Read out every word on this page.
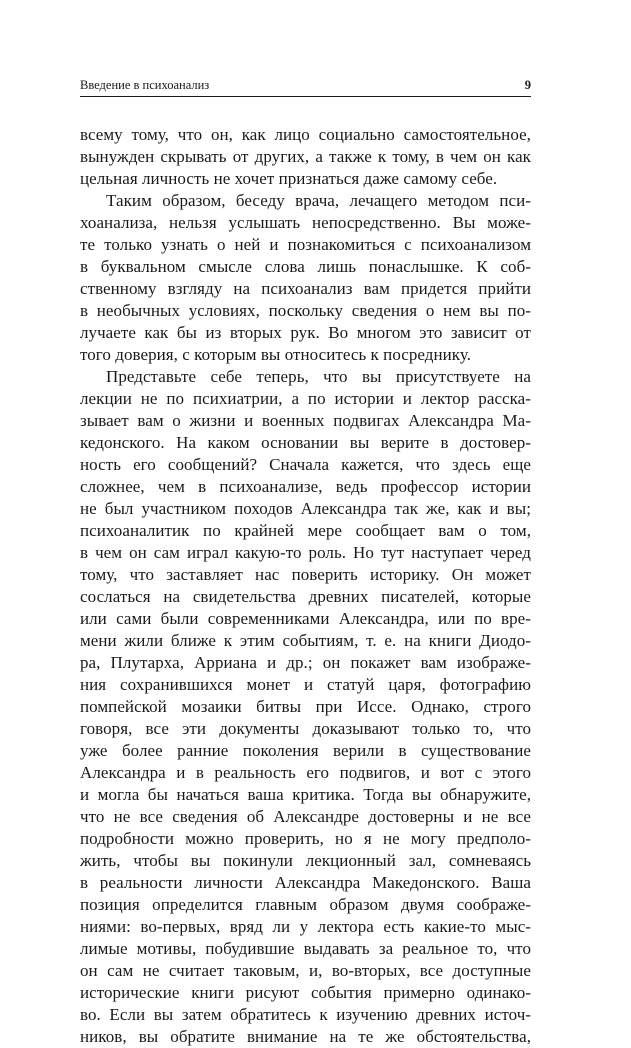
Введение в психоанализ	9
всему тому, что он, как лицо социально самостоятельное,
вынужден скрывать от других, а также к тому, в чем он как
цельная личность не хочет признаться даже самому себе.
Таким образом, беседу врача, лечащего методом пси-
хоанализа, нельзя услышать непосредственно. Вы може-
те только узнать о ней и познакомиться с психоанализом
в буквальном смысле слова лишь понаслышке. К соб-
ственному взгляду на психоанализ вам придется прийти
в необычных условиях, поскольку сведения о нем вы по-
лучаете как бы из вторых рук. Во многом это зависит от
того доверия, с которым вы относитесь к посреднику.
Представьте себе теперь, что вы присутствуете на
лекции не по психиатрии, а по истории и лектор расска-
зывает вам о жизни и военных подвигах Александра Ма-
кедонского. На каком основании вы верите в достовер-
ность его сообщений? Сначала кажется, что здесь еще
сложнее, чем в психоанализе, ведь профессор истории
не был участником походов Александра так же, как и вы;
психоаналитик по крайней мере сообщает вам о том,
в чем он сам играл какую-то роль. Но тут наступает черед
тому, что заставляет нас поверить историку. Он может
сослаться на свидетельства древних писателей, которые
или сами были современниками Александра, или по вре-
мени жили ближе к этим событиям, т. е. на книги Диодо-
ра, Плутарха, Арриана и др.; он покажет вам изображе-
ния сохранившихся монет и статуй царя, фотографию
помпейской мозаики битвы при Иссе. Однако, строго
говоря, все эти документы доказывают только то, что
уже более ранние поколения верили в существование
Александра и в реальность его подвигов, и вот с этого
и могла бы начаться ваша критика. Тогда вы обнаружите,
что не все сведения об Александре достоверны и не все
подробности можно проверить, но я не могу предполо-
жить, чтобы вы покинули лекционный зал, сомневаясь
в реальности личности Александра Македонского. Ваша
позиция определится главным образом двумя соображе-
ниями: во-первых, вряд ли у лектора есть какие-то мыс-
лимые мотивы, побудившие выдавать за реальное то, что
он сам не считает таковым, и, во-вторых, все доступные
исторические книги рисуют события примерно одинако-
во. Если вы затем обратитесь к изучению древних источ-
ников, вы обратите внимание на те же обстоятельства,
